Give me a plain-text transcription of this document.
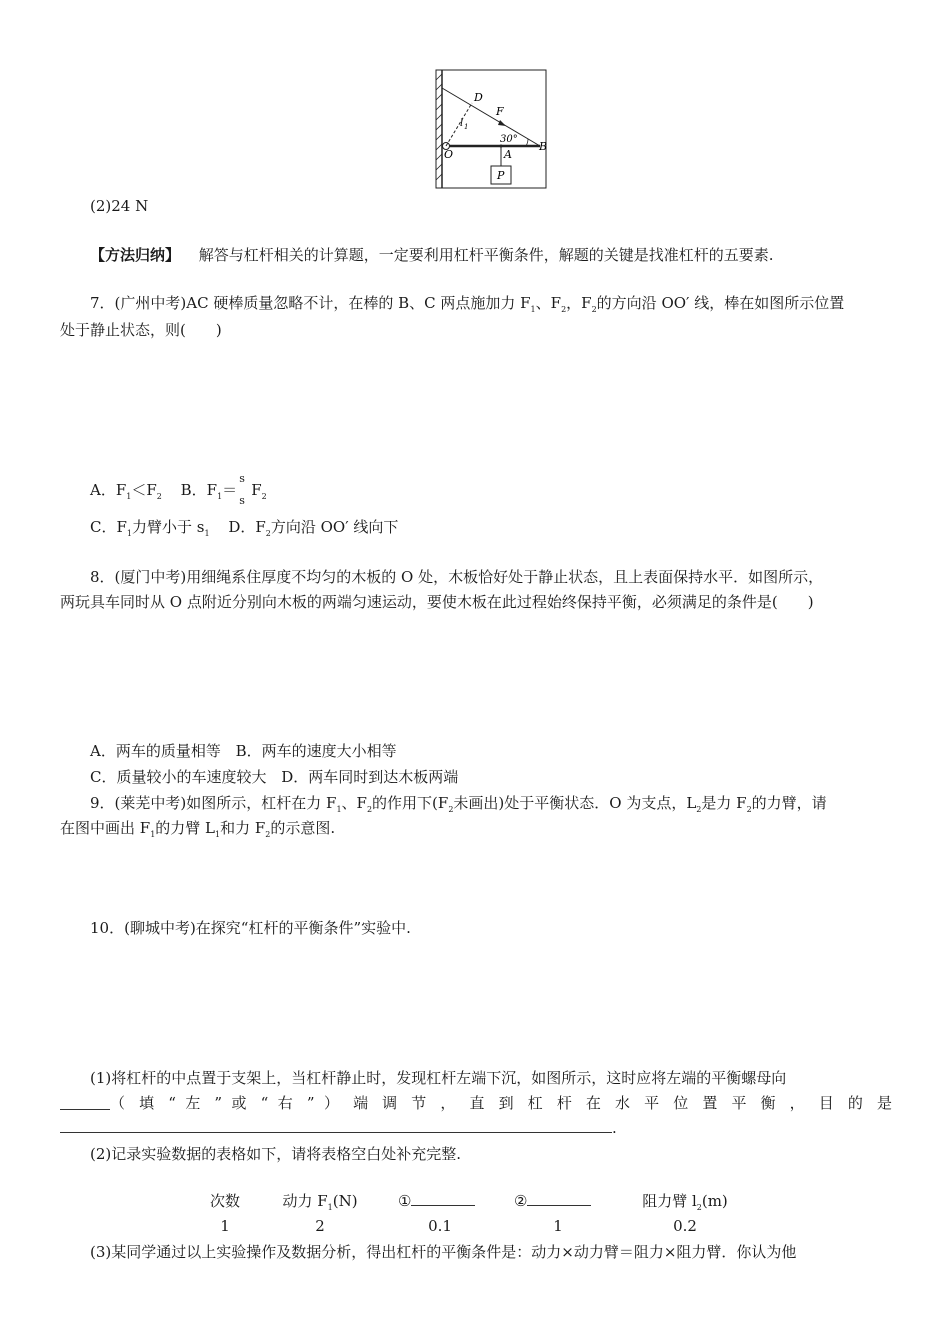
D
F
l 1
30°
O	A
B
P
(2)24 N
【方法归纳】 解答与杠杆相关的计算题，一定要利用杠杆平衡条件，解题的关键是找准杠杆的五要素.
7．(广州中考)AC 硬棒质量忽略不计，在棒的 B、C 两点施加力 $F_1$、$F_2$，$F_2$的方向沿 OO′ 线，棒在如图所示位置
处于静止状态，则(　　)
A．$F_1<F_2$ B．$F_1=$
s
s
$F_2$
C．$F_1$力臂小于 $s_1$ D．$F_2$方向沿 OO′ 线向下
8．(厦门中考)用细绳系住厚度不均匀的木板的 O 处，木板恰好处于静止状态，且上表面保持水平．如图所示，
两玩具车同时从 O 点附近分别向木板的两端匀速运动，要使木板在此过程始终保持平衡，必须满足的条件是(　　)
A．两车的质量相等 B．两车的速度大小相等
C．质量较小的车速度较大 D．两车同时到达木板两端
9．(莱芜中考)如图所示，杠杆在力 $F_1$、$F_2$的作用下($F_2$未画出)处于平衡状态．O 为支点，$L_2$是力 $F_2$的力臂，请
在图中画出 $F_1$的力臂 $L_1$和力 $F_2$的示意图.
10．(聊城中考)在探究“杠杆的平衡条件”实验中.
(1)将杠杆的中点置于支架上，当杠杆静止时，发现杠杆左端下沉，如图所示，这时应将左端的平衡螺母向
（ 填 “ 左 ” 或 “ 右 ” ） 端 调 节 ， 直 到 杠 杆 在 水 平 位 置 平 衡 ， 目 的 是
.
(2)记录实验数据的表格如下，请将表格空白处补充完整.
次数	动力 $F_1(N)$	①	②	阻力臂 $l_2(m)$
1	2	0.1	1	0.2
(3)某同学通过以上实验操作及数据分析，得出杠杆的平衡条件是：动力×动力臂＝阻力×阻力臂．你认为他
